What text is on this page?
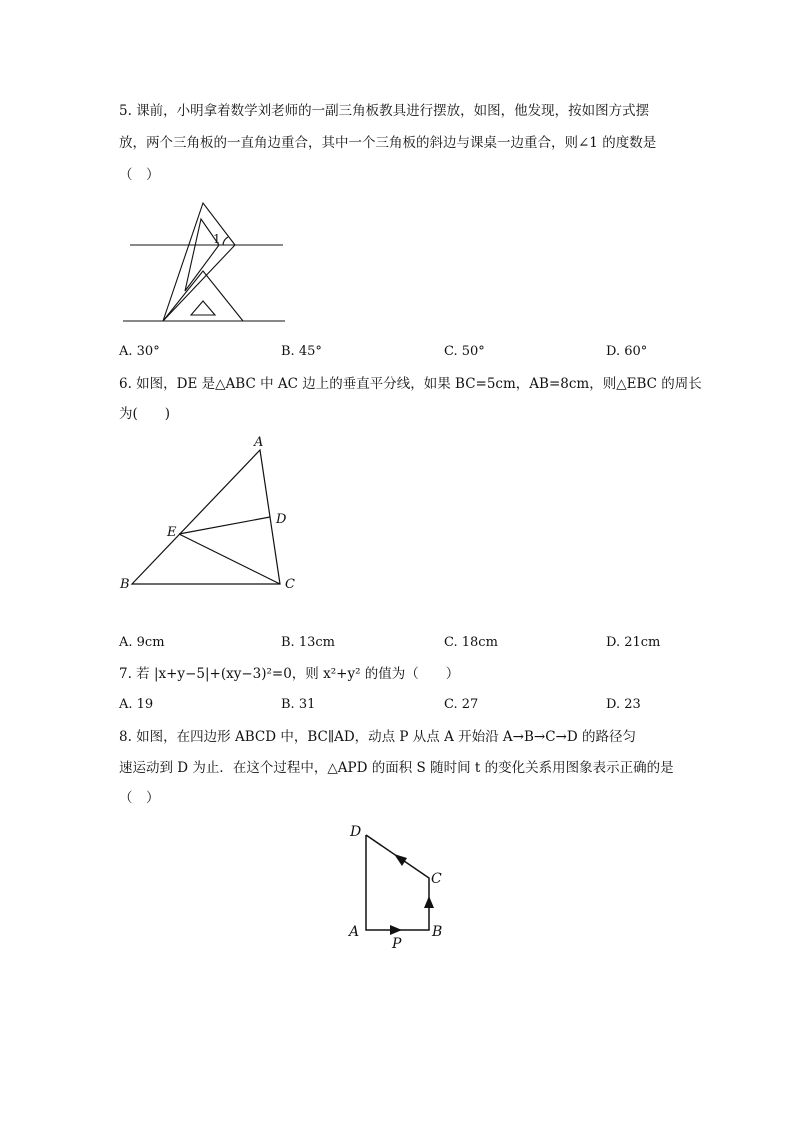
5. 课前，小明拿着数学刘老师的一副三角板教具进行摆放，如图，他发现，按如图方式摆
放，两个三角板的一直角边重合，其中一个三角板的斜边与课桌一边重合，则∠1 的度数是
（　）
1
A. 30°	B. 45°	C. 50°	D. 60°
6. 如图，DE 是△ABC 中 AC 边上的垂直平分线，如果 BC=5cm，AB=8cm，则△EBC 的周长
为(　　)
A
B	C
D
E
A. 9cm	B. 13cm	C. 18cm	D. 21cm
7. 若 |x+y−5|+(xy−3)²=0，则 x²+y² 的值为（　　）
A. 19	B. 31	C. 27	D. 23
8. 如图，在四边形 ABCD 中，BC∥AD，动点 P 从点 A 开始沿 A→B→C→D 的路径匀
速运动到 D 为止．在这个过程中，△APD 的面积 S 随时间 t 的变化关系用图象表示正确的是
（　）
D
C
A	B
P
